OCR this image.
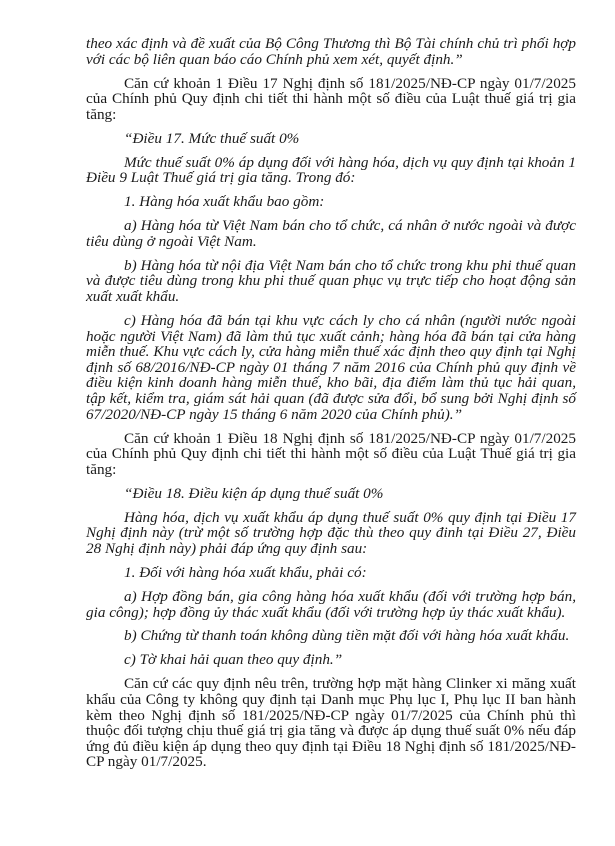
theo xác định và đề xuất của Bộ Công Thương thì Bộ Tài chính chủ trì phối hợp với các bộ liên quan báo cáo Chính phủ xem xét, quyết định.”

Căn cứ khoản 1 Điều 17 Nghị định số 181/2025/NĐ-CP ngày 01/7/2025 của Chính phủ Quy định chi tiết thi hành một số điều của Luật thuế giá trị gia tăng:

“Điều 17. Mức thuế suất 0%

Mức thuế suất 0% áp dụng đối với hàng hóa, dịch vụ quy định tại khoản 1 Điều 9 Luật Thuế giá trị gia tăng. Trong đó:

1. Hàng hóa xuất khẩu bao gồm:

a) Hàng hóa từ Việt Nam bán cho tổ chức, cá nhân ở nước ngoài và được tiêu dùng ở ngoài Việt Nam.

b) Hàng hóa từ nội địa Việt Nam bán cho tổ chức trong khu phi thuế quan và được tiêu dùng trong khu phi thuế quan phục vụ trực tiếp cho hoạt động sản xuất xuất khẩu.

c) Hàng hóa đã bán tại khu vực cách ly cho cá nhân (người nước ngoài hoặc người Việt Nam) đã làm thủ tục xuất cảnh; hàng hóa đã bán tại cửa hàng miễn thuế. Khu vực cách ly, cửa hàng miễn thuế xác định theo quy định tại Nghị định số 68/2016/NĐ-CP ngày 01 tháng 7 năm 2016 của Chính phủ quy định về điều kiện kinh doanh hàng miễn thuế, kho bãi, địa điểm làm thủ tục hải quan, tập kết, kiểm tra, giám sát hải quan (đã được sửa đổi, bổ sung bởi Nghị định số 67/2020/NĐ-CP ngày 15 tháng 6 năm 2020 của Chính phủ).”

Căn cứ khoản 1 Điều 18 Nghị định số 181/2025/NĐ-CP ngày 01/7/2025 của Chính phủ Quy định chi tiết thi hành một số điều của Luật Thuế giá trị gia tăng:

“Điều 18. Điều kiện áp dụng thuế suất 0%

Hàng hóa, dịch vụ xuất khẩu áp dụng thuế suất 0% quy định tại Điều 17 Nghị định này (trừ một số trường hợp đặc thù theo quy đinh tại Điều 27, Điều 28 Nghị định này) phải đáp ứng quy định sau:

1. Đối với hàng hóa xuất khẩu, phải có:

a) Hợp đồng bán, gia công hàng hóa xuất khẩu (đối với trường hợp bán, gia công); hợp đồng ủy thác xuất khẩu (đối với trường hợp ủy thác xuất khẩu).

b) Chứng từ thanh toán không dùng tiền mặt đối với hàng hóa xuất khẩu.

c) Tờ khai hải quan theo quy định.”

Căn cứ các quy định nêu trên, trường hợp mặt hàng Clinker xi măng xuất khẩu của Công ty không quy định tại Danh mục Phụ lục I, Phụ lục II ban hành kèm theo Nghị định số 181/2025/NĐ-CP ngày 01/7/2025 của Chính phủ thì thuộc đối tượng chịu thuế giá trị gia tăng và được áp dụng thuế suất 0% nếu đáp ứng đủ điều kiện áp dụng theo quy định tại Điều 18 Nghị định số 181/2025/NĐ-CP ngày 01/7/2025.
